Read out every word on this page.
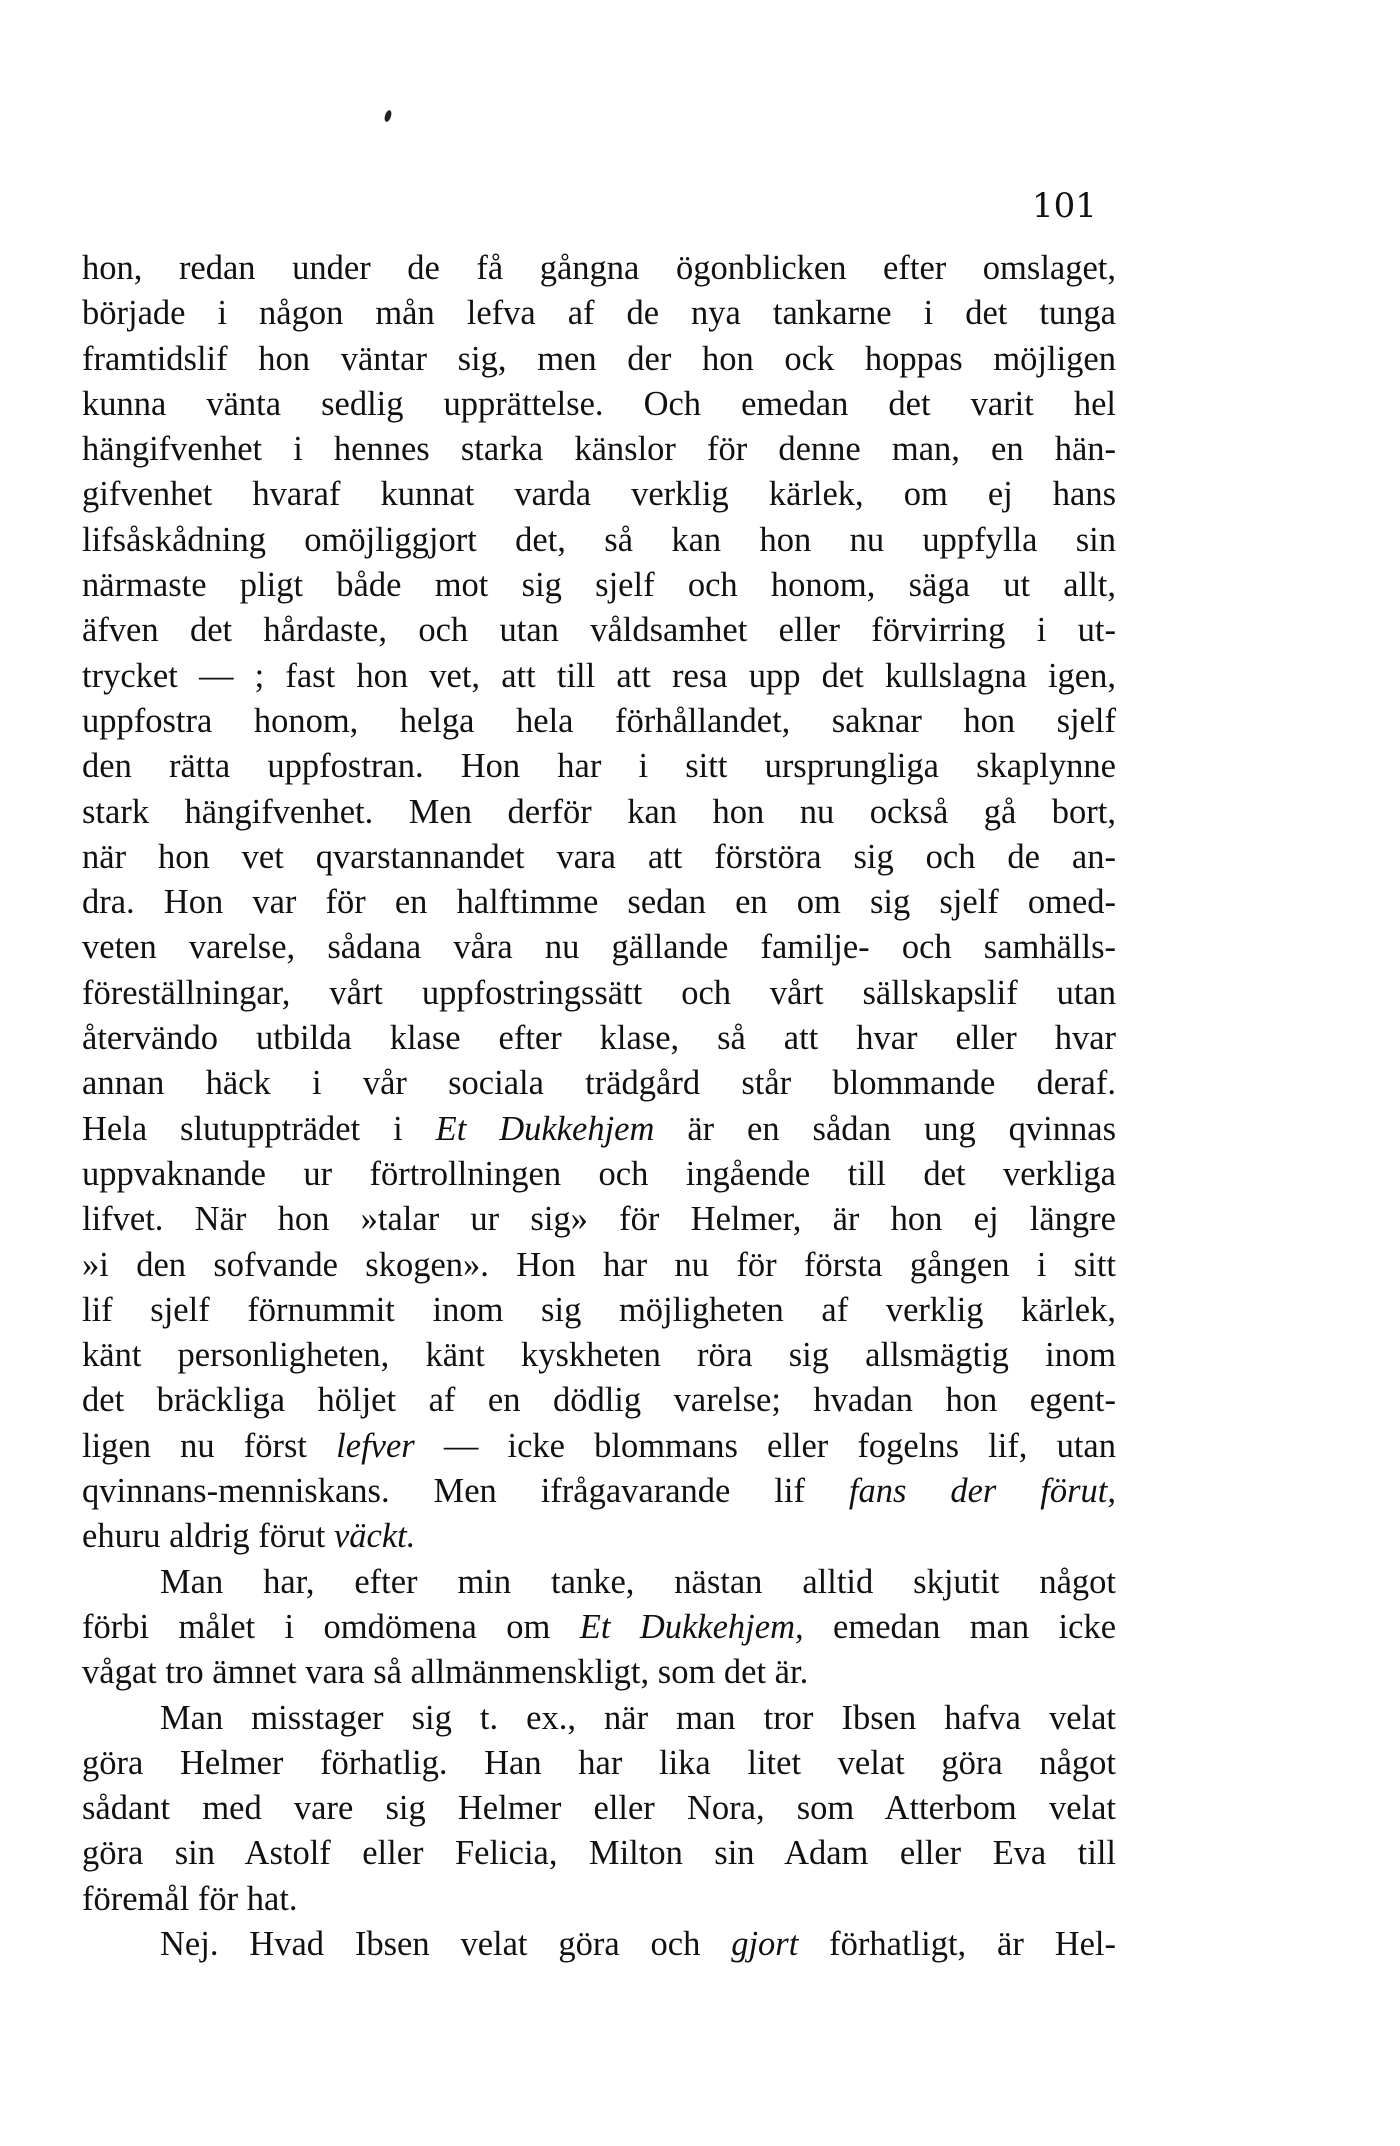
101
hon, redan under de få gångna ögonblicken efter omslaget,
började i någon mån lefva af de nya tankarne i det tunga
framtidslif hon väntar sig, men der hon ock hoppas möjligen
kunna vänta sedlig upprättelse. Och emedan det varit hel
hängifvenhet i hennes starka känslor för denne man, en hän-
gifvenhet hvaraf kunnat varda verklig kärlek, om ej hans
lifsåskådning omöjliggjort det, så kan hon nu uppfylla sin
närmaste pligt både mot sig sjelf och honom, säga ut allt,
äfven det hårdaste, och utan våldsamhet eller förvirring i ut-
trycket — ; fast hon vet, att till att resa upp det kullslagna igen,
uppfostra honom, helga hela förhållandet, saknar hon sjelf
den rätta uppfostran. Hon har i sitt ursprungliga skaplynne
stark hängifvenhet. Men derför kan hon nu också gå bort,
när hon vet qvarstannandet vara att förstöra sig och de an-
dra. Hon var för en halftimme sedan en om sig sjelf omed-
veten varelse, sådana våra nu gällande familje- och samhälls-
föreställningar, vårt uppfostringssätt och vårt sällskapslif utan
återvändo utbilda klase efter klase, så att hvar eller hvar
annan häck i vår sociala trädgård står blommande deraf.
Hela slutuppträdet i Et Dukkehjem är en sådan ung qvinnas
uppvaknande ur förtrollningen och ingående till det verkliga
lifvet. När hon »talar ur sig» för Helmer, är hon ej längre
»i den sofvande skogen». Hon har nu för första gången i sitt
lif sjelf förnummit inom sig möjligheten af verklig kärlek,
känt personligheten, känt kyskheten röra sig allsmägtig inom
det bräckliga höljet af en dödlig varelse; hvadan hon egent-
ligen nu först lefver — icke blommans eller fogelns lif, utan
qvinnans-menniskans. Men ifrågavarande lif fans der förut,
ehuru aldrig förut väckt.
Man har, efter min tanke, nästan alltid skjutit något
förbi målet i omdömena om Et Dukkehjem, emedan man icke
vågat tro ämnet vara så allmänmenskligt, som det är.
Man misstager sig t. ex., när man tror Ibsen hafva velat
göra Helmer förhatlig. Han har lika litet velat göra något
sådant med vare sig Helmer eller Nora, som Atterbom velat
göra sin Astolf eller Felicia, Milton sin Adam eller Eva till
föremål för hat.
Nej. Hvad Ibsen velat göra och gjort förhatligt, är Hel-
